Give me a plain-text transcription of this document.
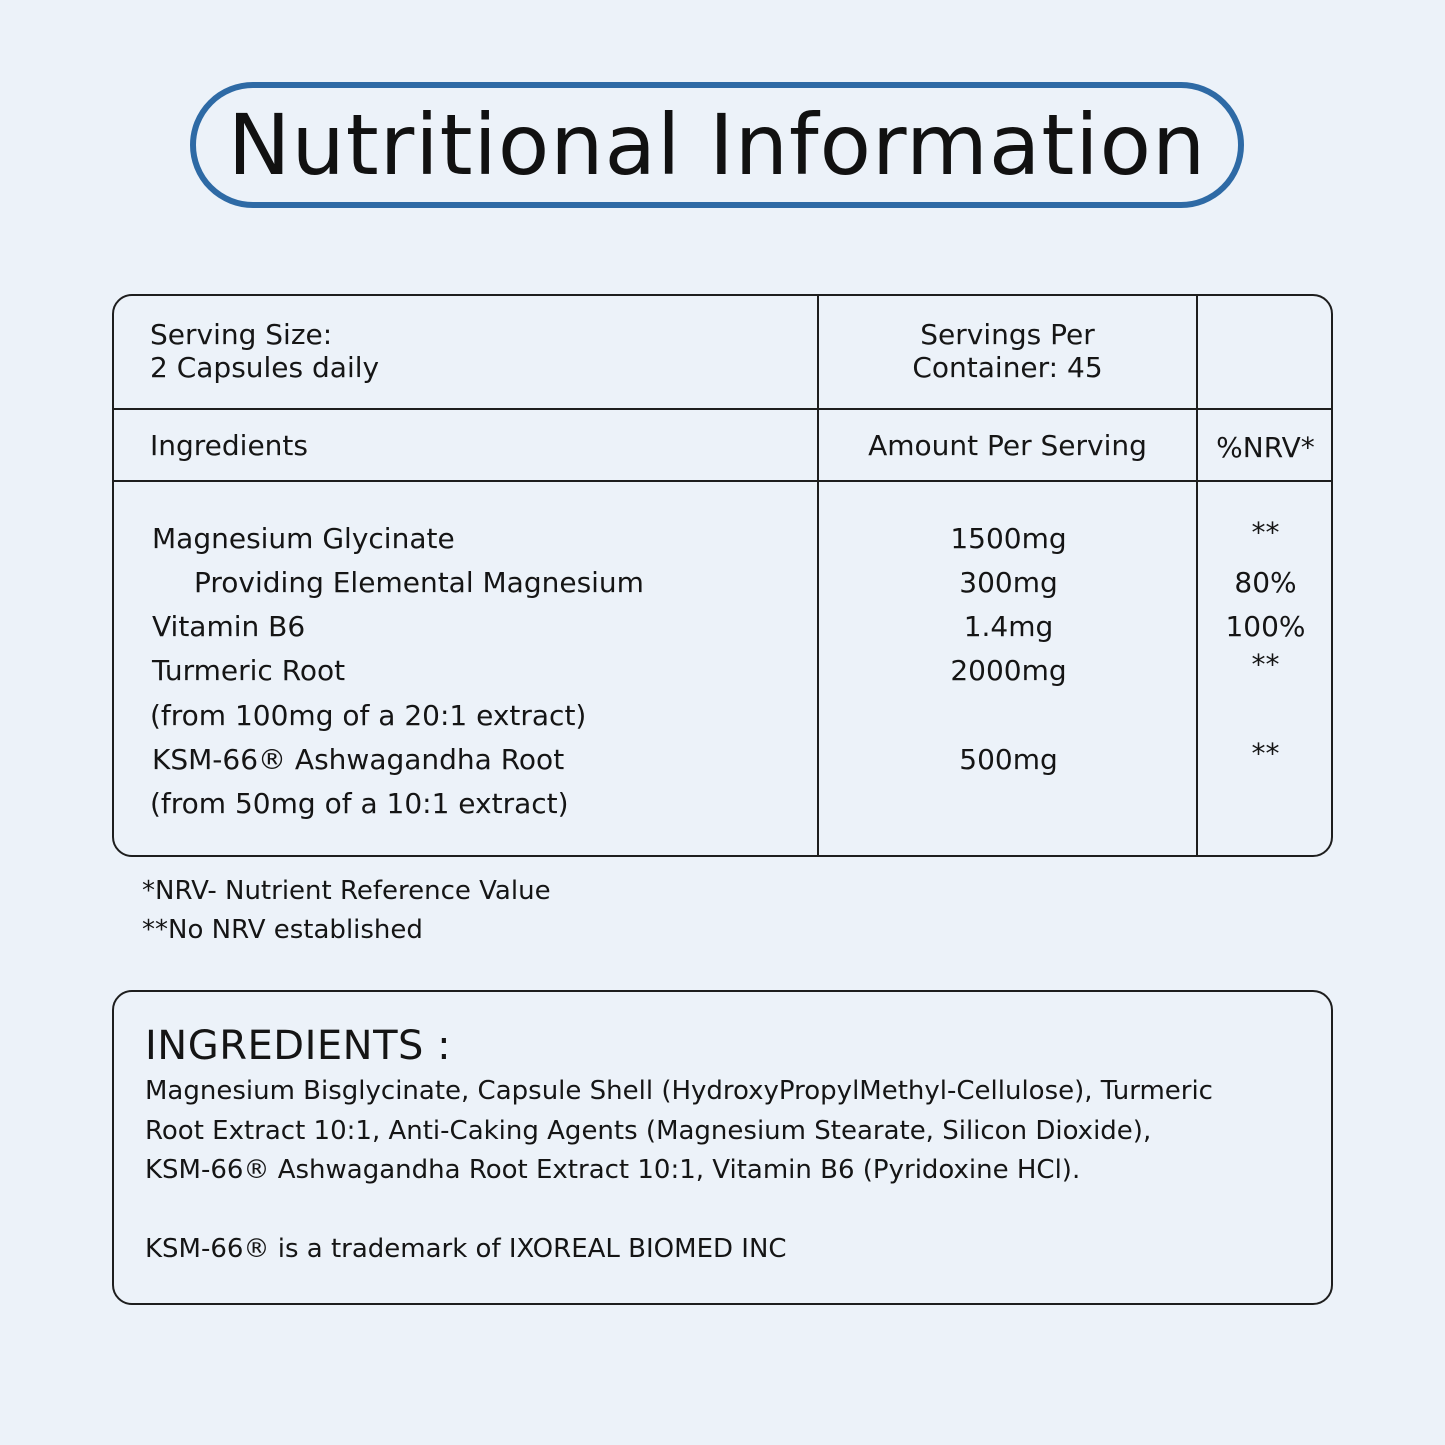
Nutritional Information
Serving Size:
2 Capsules daily
Servings Per
Container: 45
Ingredients	Amount Per Serving	%NRV*
Magnesium Glycinate	1500mg	**
Providing Elemental Magnesium	300mg	80%
Vitamin B6	1.4mg	100%
Turmeric Root	2000mg	**
(from 100mg of a 20:1 extract)
KSM-66® Ashwagandha Root	500mg	**
(from 50mg of a 10:1 extract)
*NRV- Nutrient Reference Value
**No NRV established
INGREDIENTS :
Magnesium Bisglycinate, Capsule Shell (HydroxyPropylMethyl-Cellulose), Turmeric
Root Extract 10:1, Anti-Caking Agents (Magnesium Stearate, Silicon Dioxide),
KSM-66® Ashwagandha Root Extract 10:1, Vitamin B6 (Pyridoxine HCl).
KSM-66® is a trademark of IXOREAL BIOMED INC
